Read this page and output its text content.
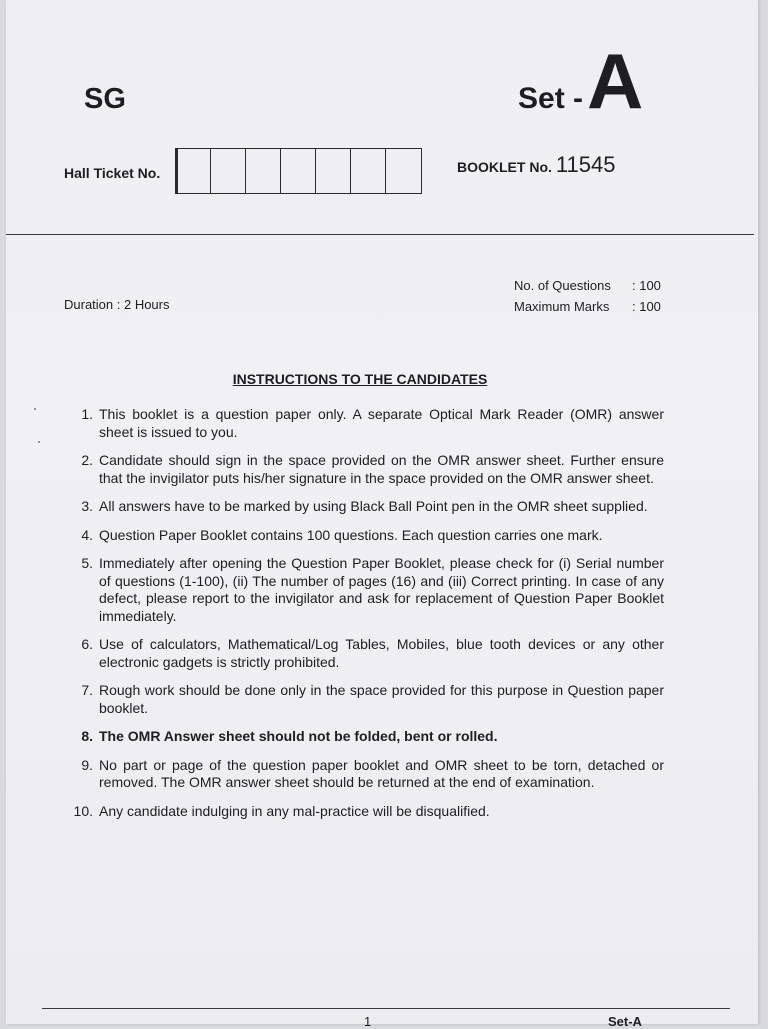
SG	Set - A
Hall Ticket No.	BOOKLET No. 11545
Duration : 2 Hours
No. of Questions	: 100
Maximum Marks	: 100
INSTRUCTIONS TO THE CANDIDATES
1. This booklet is a question paper only. A separate Optical Mark Reader (OMR) answer sheet is issued to you.
2. Candidate should sign in the space provided on the OMR answer sheet. Further ensure that the invigilator puts his/her signature in the space provided on the OMR answer sheet.
3. All answers have to be marked by using Black Ball Point pen in the OMR sheet supplied.
4. Question Paper Booklet contains 100 questions. Each question carries one mark.
5. Immediately after opening the Question Paper Booklet, please check for (i) Serial number of questions (1-100), (ii) The number of pages (16) and (iii) Correct printing. In case of any defect, please report to the invigilator and ask for replacement of Question Paper Booklet immediately.
6. Use of calculators, Mathematical/Log Tables, Mobiles, blue tooth devices or any other electronic gadgets is strictly prohibited.
7. Rough work should be done only in the space provided for this purpose in Question paper booklet.
8. The OMR Answer sheet should not be folded, bent or rolled.
9. No part or page of the question paper booklet and OMR sheet to be torn, detached or removed. The OMR answer sheet should be returned at the end of examination.
10. Any candidate indulging in any mal-practice will be disqualified.
1	Set-A
